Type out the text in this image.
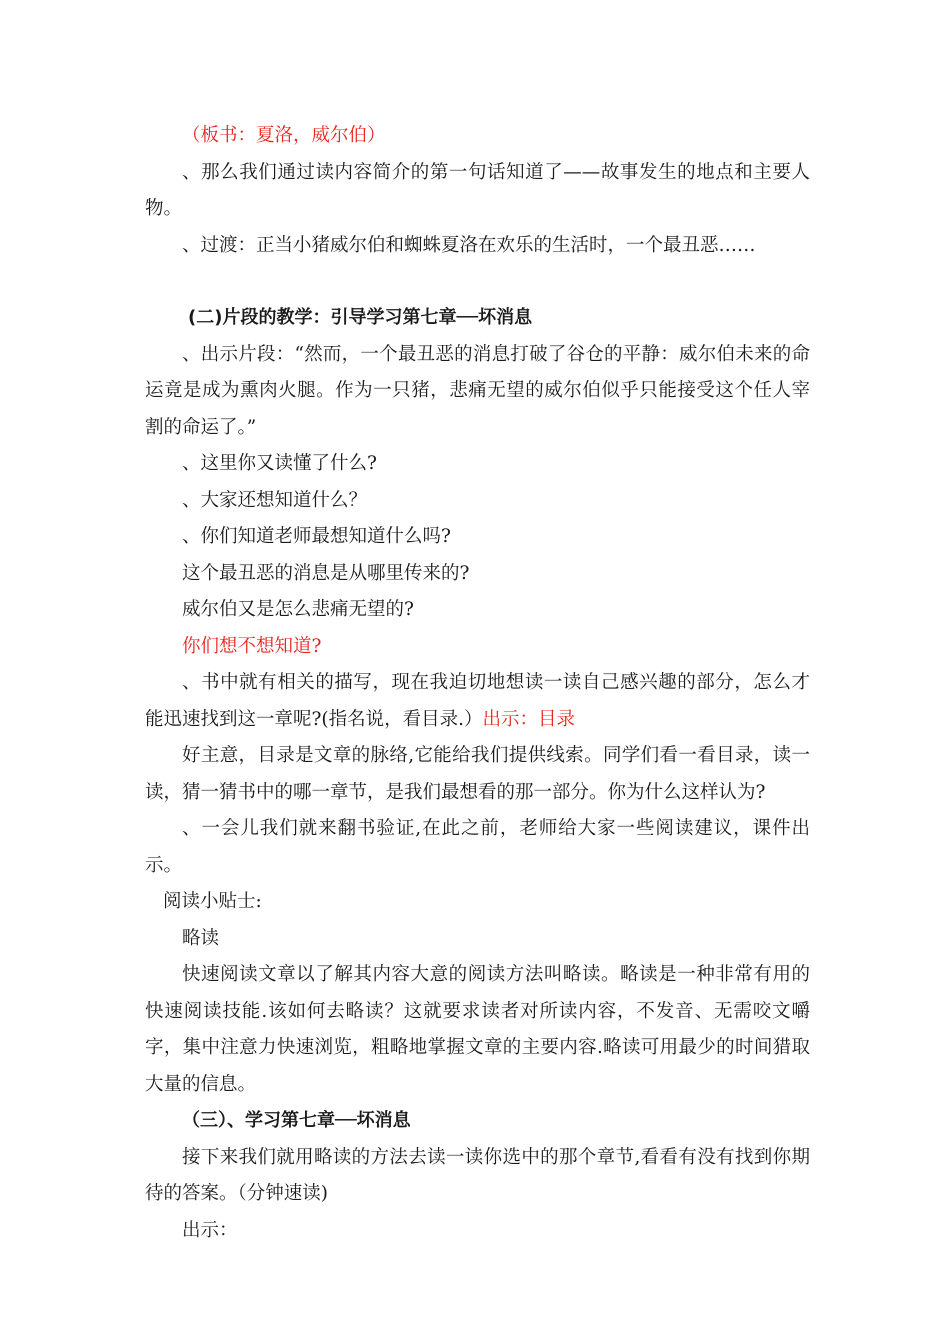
（板书：夏洛，威尔伯）

、那么我们通过读内容简介的第一句话知道了——故事发生的地点和主要人物。

、过渡：正当小猪威尔伯和蜘蛛夏洛在欢乐的生活时，一个最丑恶……

(二)片段的教学：引导学习第七章──坏消息

、出示片段：“然而，一个最丑恶的消息打破了谷仓的平静：威尔伯未来的命运竟是成为熏肉火腿。作为一只猪，悲痛无望的威尔伯似乎只能接受这个任人宰割的命运了。”

、这里你又读懂了什么?

、大家还想知道什么？

、你们知道老师最想知道什么吗?

这个最丑恶的消息是从哪里传来的?

威尔伯又是怎么悲痛无望的?

你们想不想知道?

、书中就有相关的描写，现在我迫切地想读一读自己感兴趣的部分，怎么才能迅速找到这一章呢?(指名说，看目录.）出示：目录

好主意，目录是文章的脉络,它能给我们提供线索。同学们看一看目录，读一读，猜一猜书中的哪一章节，是我们最想看的那一部分。你为什么这样认为?

、一会儿我们就来翻书验证,在此之前，老师给大家一些阅读建议，课件出示。

阅读小贴士:

略读

快速阅读文章以了解其内容大意的阅读方法叫略读。略读是一种非常有用的快速阅读技能.该如何去略读？这就要求读者对所读内容，不发音、无需咬文嚼字，集中注意力快速浏览，粗略地掌握文章的主要内容.略读可用最少的时间猎取大量的信息。

（三）、学习第七章──坏消息

接下来我们就用略读的方法去读一读你选中的那个章节,看看有没有找到你期待的答案。（分钟速读)

出示：
